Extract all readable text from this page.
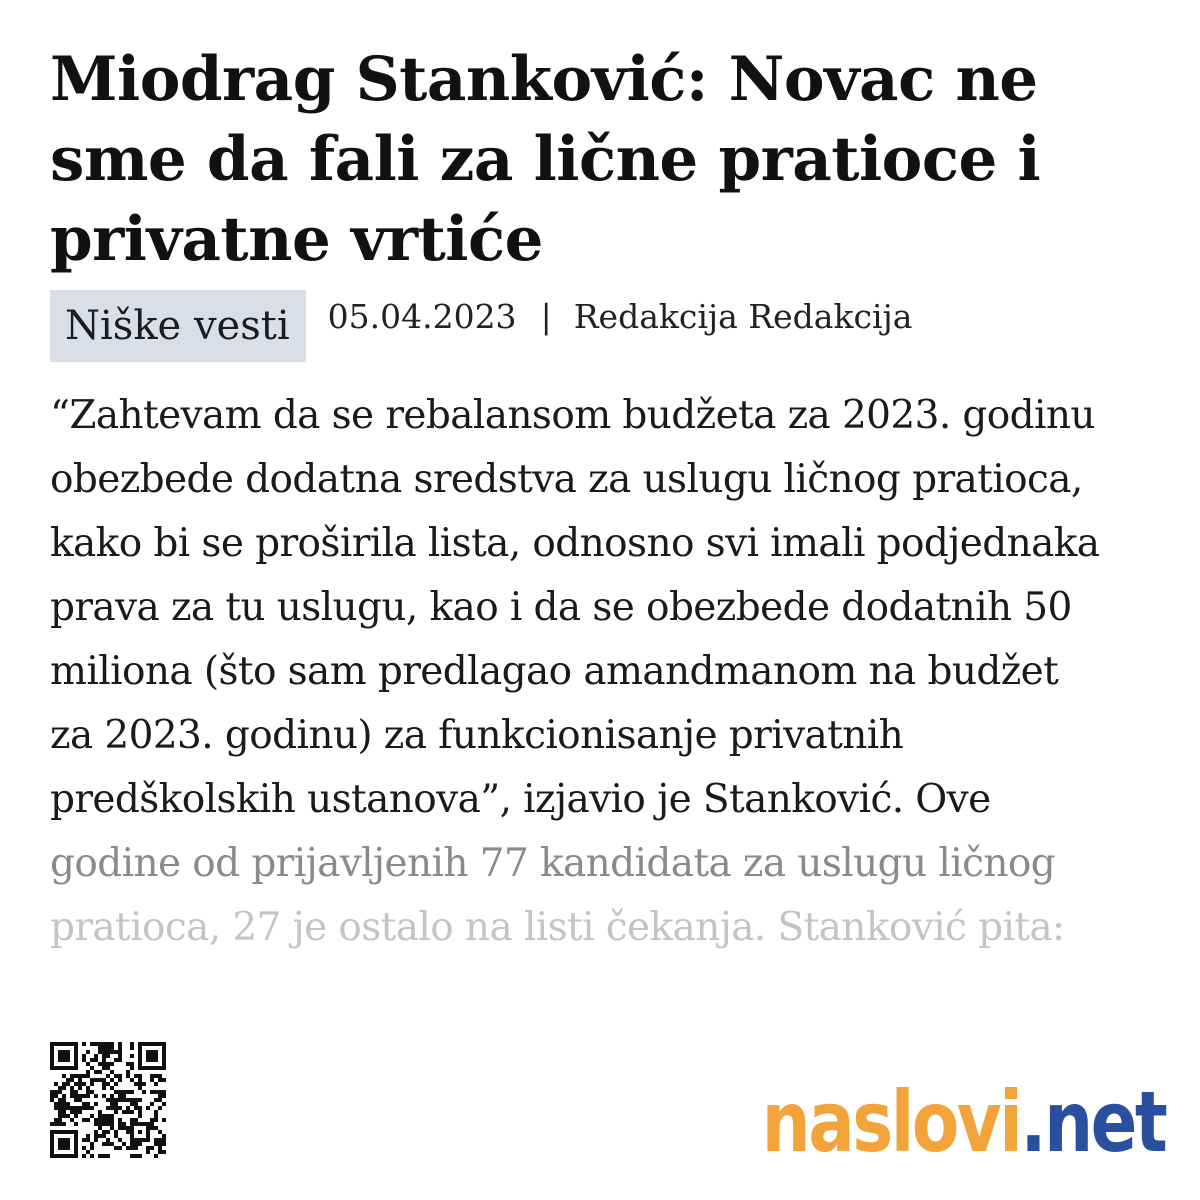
Miodrag Stanković: Novac ne
sme da fali za lične pratioce i
privatne vrtiće
Niške vesti	05.04.2023 | Redakcija Redakcija

“Zahtevam da se rebalansom budžeta za 2023. godinu
obezbede dodatna sredstva za uslugu ličnog pratioca,
kako bi se proširila lista, odnosno svi imali podjednaka
prava za tu uslugu, kao i da se obezbede dodatnih 50
miliona (što sam predlagao amandmanom na budžet
za 2023. godinu) za funkcionisanje privatnih
predškolskih ustanova”, izjavio je Stanković. Ove
godine od prijavljenih 77 kandidata za uslugu ličnog
pratioca, 27 je ostalo na listi čekanja. Stanković pita:

naslovi . net
